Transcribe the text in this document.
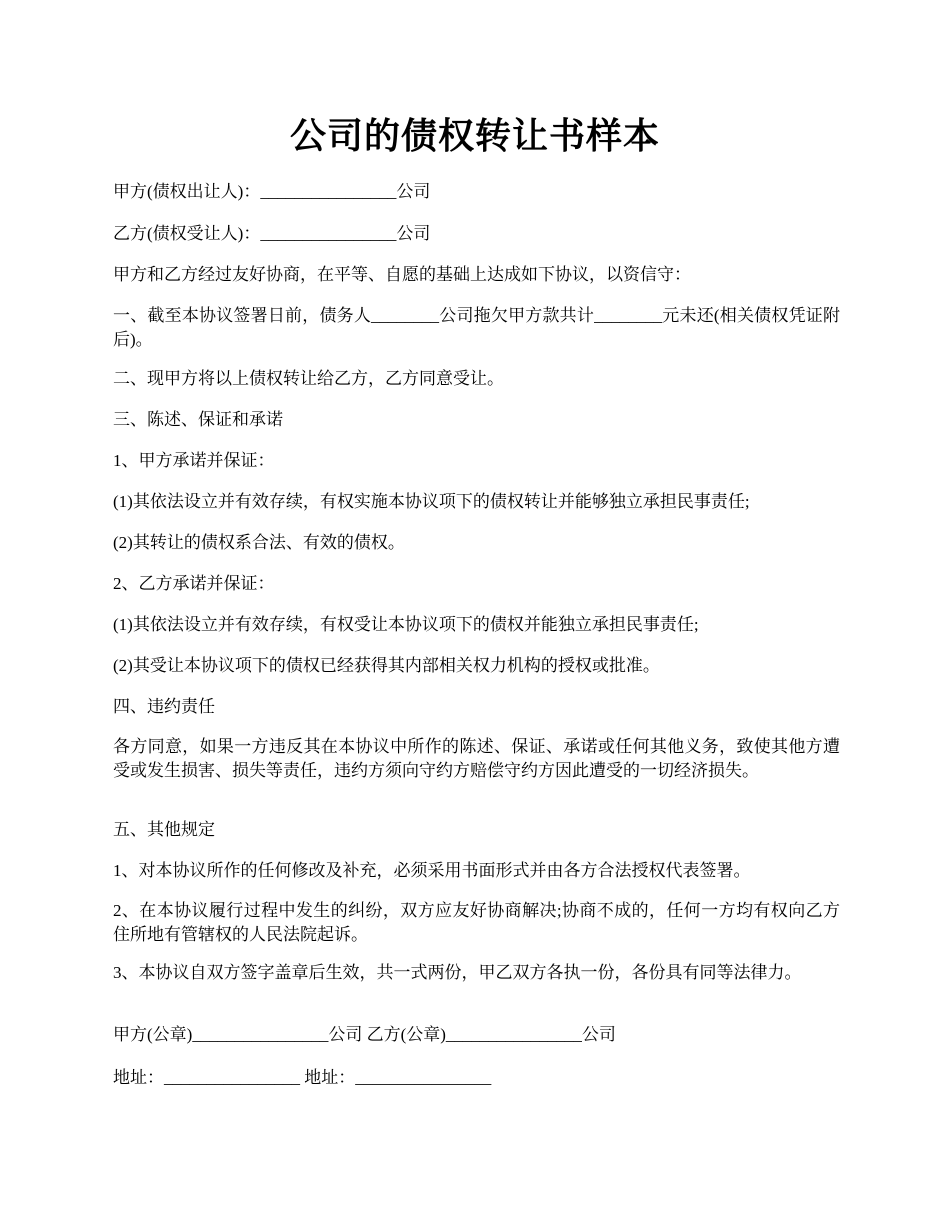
公司的债权转让书样本

甲方(债权出让人)：________________公司

乙方(债权受让人)：________________公司

甲方和乙方经过友好协商，在平等、自愿的基础上达成如下协议，以资信守：

一、截至本协议签署日前，债务人________公司拖欠甲方款共计________元未还(相关债权凭证附后)。

二、现甲方将以上债权转让给乙方，乙方同意受让。

三、陈述、保证和承诺

1、甲方承诺并保证：

(1)其依法设立并有效存续，有权实施本协议项下的债权转让并能够独立承担民事责任;

(2)其转让的债权系合法、有效的债权。

2、乙方承诺并保证：

(1)其依法设立并有效存续，有权受让本协议项下的债权并能独立承担民事责任;

(2)其受让本协议项下的债权已经获得其内部相关权力机构的授权或批准。

四、违约责任

各方同意，如果一方违反其在本协议中所作的陈述、保证、承诺或任何其他义务，致使其他方遭受或发生损害、损失等责任，违约方须向守约方赔偿守约方因此遭受的一切经济损失。

五、其他规定

1、对本协议所作的任何修改及补充，必须采用书面形式并由各方合法授权代表签署。

2、在本协议履行过程中发生的纠纷，双方应友好协商解决;协商不成的，任何一方均有权向乙方住所地有管辖权的人民法院起诉。

3、本协议自双方签字盖章后生效，共一式两份，甲乙双方各执一份，各份具有同等法律力。

甲方(公章)________________公司 乙方(公章)________________公司

地址：________________ 地址：________________
